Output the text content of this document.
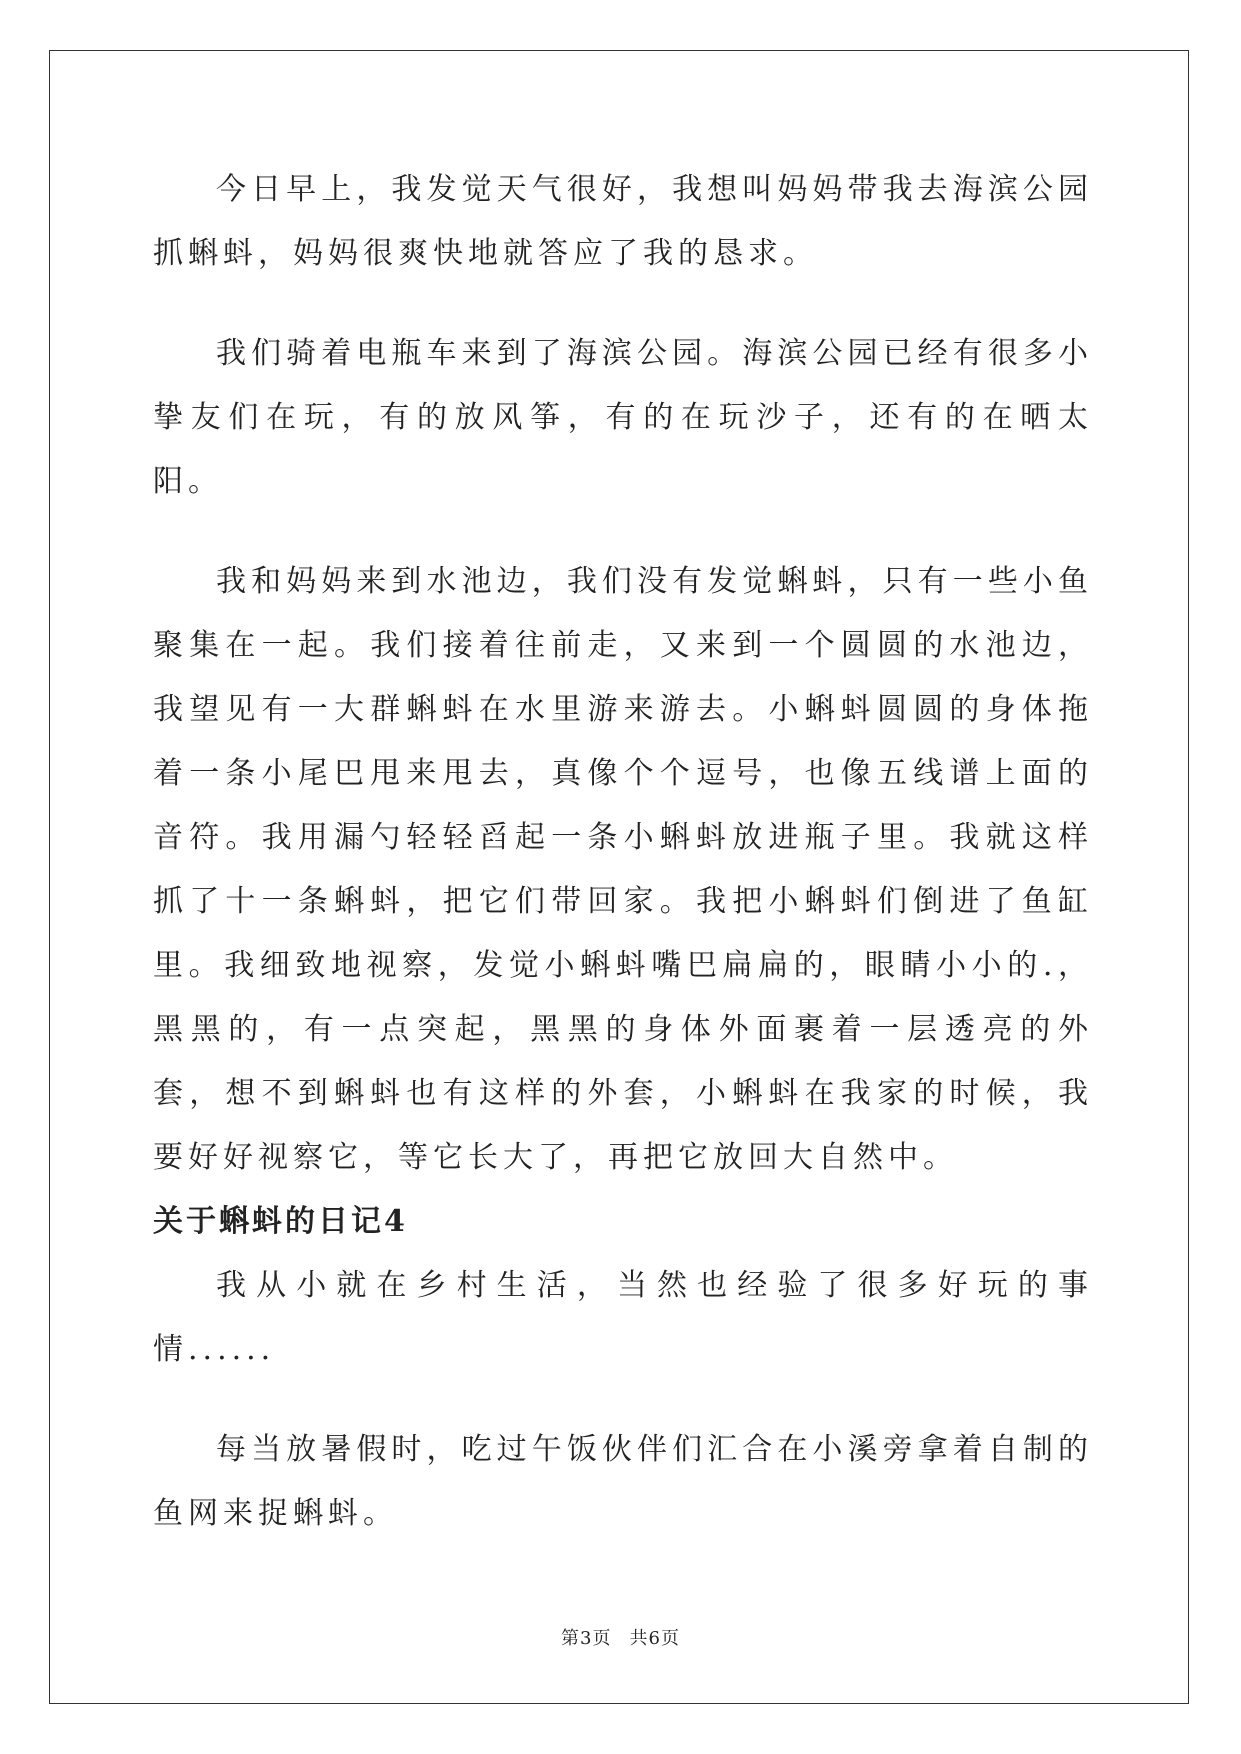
今日早上，我发觉天气很好，我想叫妈妈带我去海滨公园抓蝌蚪，妈妈很爽快地就答应了我的恳求。

我们骑着电瓶车来到了海滨公园。海滨公园已经有很多小挚友们在玩，有的放风筝，有的在玩沙子，还有的在晒太阳。

我和妈妈来到水池边，我们没有发觉蝌蚪，只有一些小鱼聚集在一起。我们接着往前走，又来到一个圆圆的水池边，我望见有一大群蝌蚪在水里游来游去。小蝌蚪圆圆的身体拖着一条小尾巴甩来甩去，真像个个逗号，也像五线谱上面的音符。我用漏勺轻轻舀起一条小蝌蚪放进瓶子里。我就这样抓了十一条蝌蚪，把它们带回家。我把小蝌蚪们倒进了鱼缸里。我细致地视察，发觉小蝌蚪嘴巴扁扁的，眼睛小小的.，黑黑的，有一点突起，黑黑的身体外面裹着一层透亮的外套，想不到蝌蚪也有这样的外套，小蝌蚪在我家的时候，我要好好视察它，等它长大了，再把它放回大自然中。

关于蝌蚪的日记4

我从小就在乡村生活，当然也经验了很多好玩的事情......

每当放暑假时，吃过午饭伙伴们汇合在小溪旁拿着自制的鱼网来捉蝌蚪。

第3页 共6页
